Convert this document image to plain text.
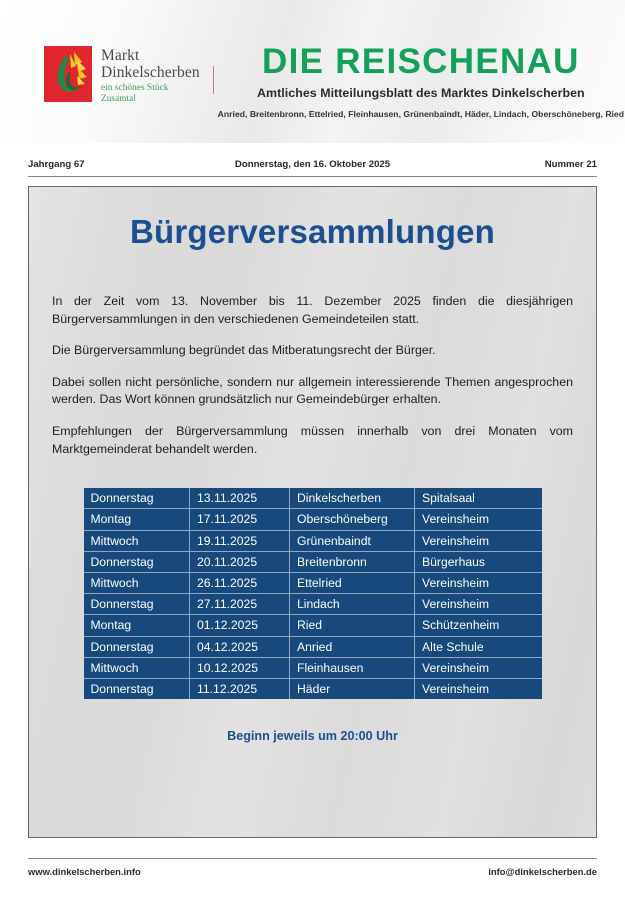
Markt
Dinkelscherben
ein schönes Stück Zusamtal
DIE REISCHENAU
Amtliches Mitteilungsblatt des Marktes Dinkelscherben
Anried, Breitenbronn, Ettelried, Fleinhausen, Grünenbaindt, Häder, Lindach, Oberschöneberg, Ried
Jahrgang 67	Donnerstag, den 16. Oktober 2025	Nummer 21
Bürgerversammlungen

In der Zeit vom 13. November bis 11. Dezember 2025 finden die diesjährigen Bürgerversammlungen in den verschiedenen Gemeindeteilen statt.

Die Bürgerversammlung begründet das Mitberatungsrecht der Bürger.

Dabei sollen nicht persönliche, sondern nur allgemein interessierende Themen angesprochen werden. Das Wort können grundsätzlich nur Gemeindebürger erhalten.

Empfehlungen der Bürgerversammlung müssen innerhalb von drei Monaten vom Marktgemeinderat behandelt werden.

Donnerstag	13.11.2025	Dinkelscherben	Spitalsaal
Montag	17.11.2025	Oberschöneberg	Vereinsheim
Mittwoch	19.11.2025	Grünenbaindt	Vereinsheim
Donnerstag	20.11.2025	Breitenbronn	Bürgerhaus
Mittwoch	26.11.2025	Ettelried	Vereinsheim
Donnerstag	27.11.2025	Lindach	Vereinsheim
Montag	01.12.2025	Ried	Schützenheim
Donnerstag	04.12.2025	Anried	Alte Schule
Mittwoch	10.12.2025	Fleinhausen	Vereinsheim
Donnerstag	11.12.2025	Häder	Vereinsheim
Beginn jeweils um 20:00 Uhr
www.dinkelscherben.info	info@dinkelscherben.de
